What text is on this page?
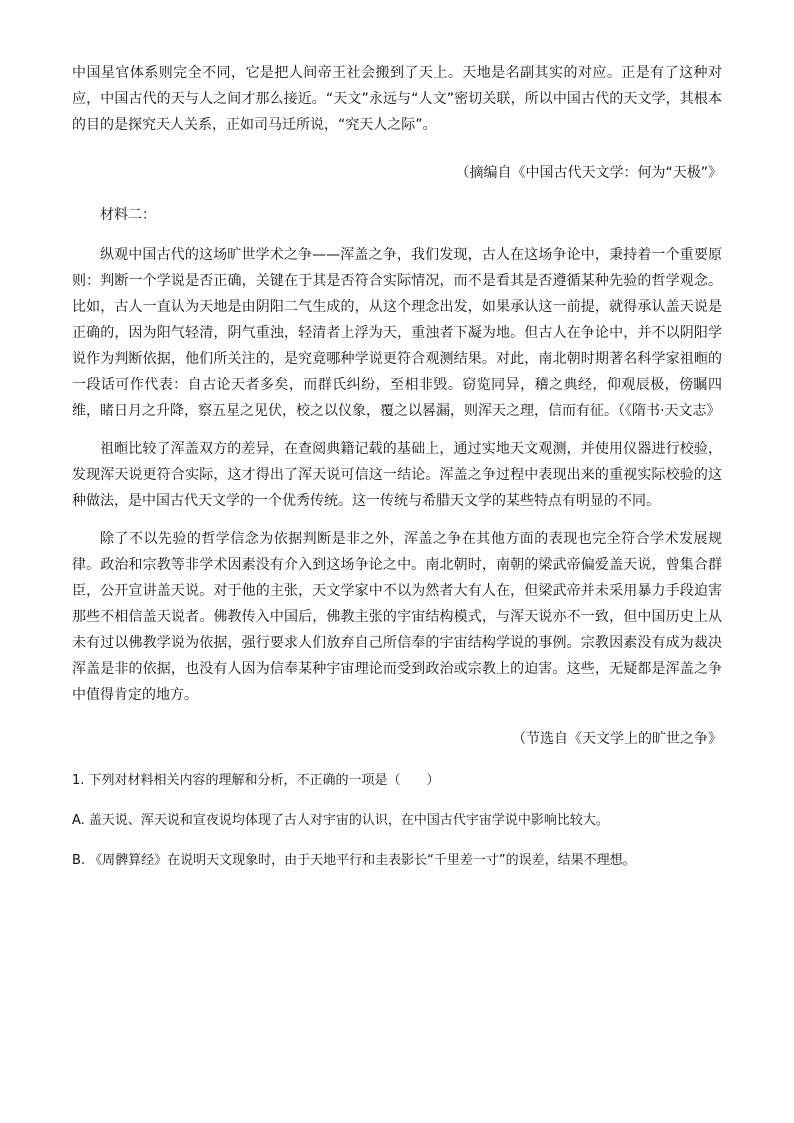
中国星官体系则完全不同，它是把人间帝王社会搬到了天上。天地是名副其实的对应。正是有了这种对应，中国古代的天与人之间才那么接近。“天文”永远与“人文”密切关联，所以中国古代的天文学，其根本的目的是探究天人关系，正如司马迁所说，“究天人之际”。

（摘编自《中国古代天文学：何为“天极”》

材料二：

纵观中国古代的这场旷世学术之争——浑盖之争，我们发现，古人在这场争论中，秉持着一个重要原则：判断一个学说是否正确，关键在于其是否符合实际情况，而不是看其是否遵循某种先验的哲学观念。比如，古人一直认为天地是由阴阳二气生成的，从这个理念出发，如果承认这一前提，就得承认盖天说是正确的，因为阳气轻清，阴气重浊，轻清者上浮为天，重浊者下凝为地。但古人在争论中，并不以阴阳学说作为判断依据，他们所关注的，是究竟哪种学说更符合观测结果。对此，南北朝时期著名科学家祖暅的一段话可作代表：自古论天者多矣，而群氏纠纷，至相非毁。窃览同异，稽之典经，仰观辰极，傍瞩四维，睹日月之升降，察五星之见伏，校之以仪象，覆之以晷漏，则浑天之理，信而有征。（《隋书·天文志》

祖暅比较了浑盖双方的差异，在查阅典籍记载的基础上，通过实地天文观测，并使用仪器进行校验，发现浑天说更符合实际，这才得出了浑天说可信这一结论。浑盖之争过程中表现出来的重视实际校验的这种做法，是中国古代天文学的一个优秀传统。这一传统与希腊天文学的某些特点有明显的不同。

除了不以先验的哲学信念为依据判断是非之外，浑盖之争在其他方面的表现也完全符合学术发展规律。政治和宗教等非学术因素没有介入到这场争论之中。南北朝时，南朝的梁武帝偏爱盖天说，曾集合群臣，公开宣讲盖天说。对于他的主张，天文学家中不以为然者大有人在，但梁武帝并未采用暴力手段迫害那些不相信盖天说者。佛教传入中国后，佛教主张的宇宙结构模式，与浑天说亦不一致，但中国历史上从未有过以佛教学说为依据，强行要求人们放弃自己所信奉的宇宙结构学说的事例。宗教因素没有成为裁决浑盖是非的依据，也没有人因为信奉某种宇宙理论而受到政治或宗教上的迫害。这些，无疑都是浑盖之争中值得肯定的地方。

（节选自《天文学上的旷世之争》

1. 下列对材料相关内容的理解和分析，不正确的一项是（　　）

A. 盖天说、浑天说和宣夜说均体现了古人对宇宙的认识，在中国古代宇宙学说中影响比较大。

B. 《周髀算经》在说明天文现象时，由于天地平行和圭表影长“千里差一寸”的误差，结果不理想。
